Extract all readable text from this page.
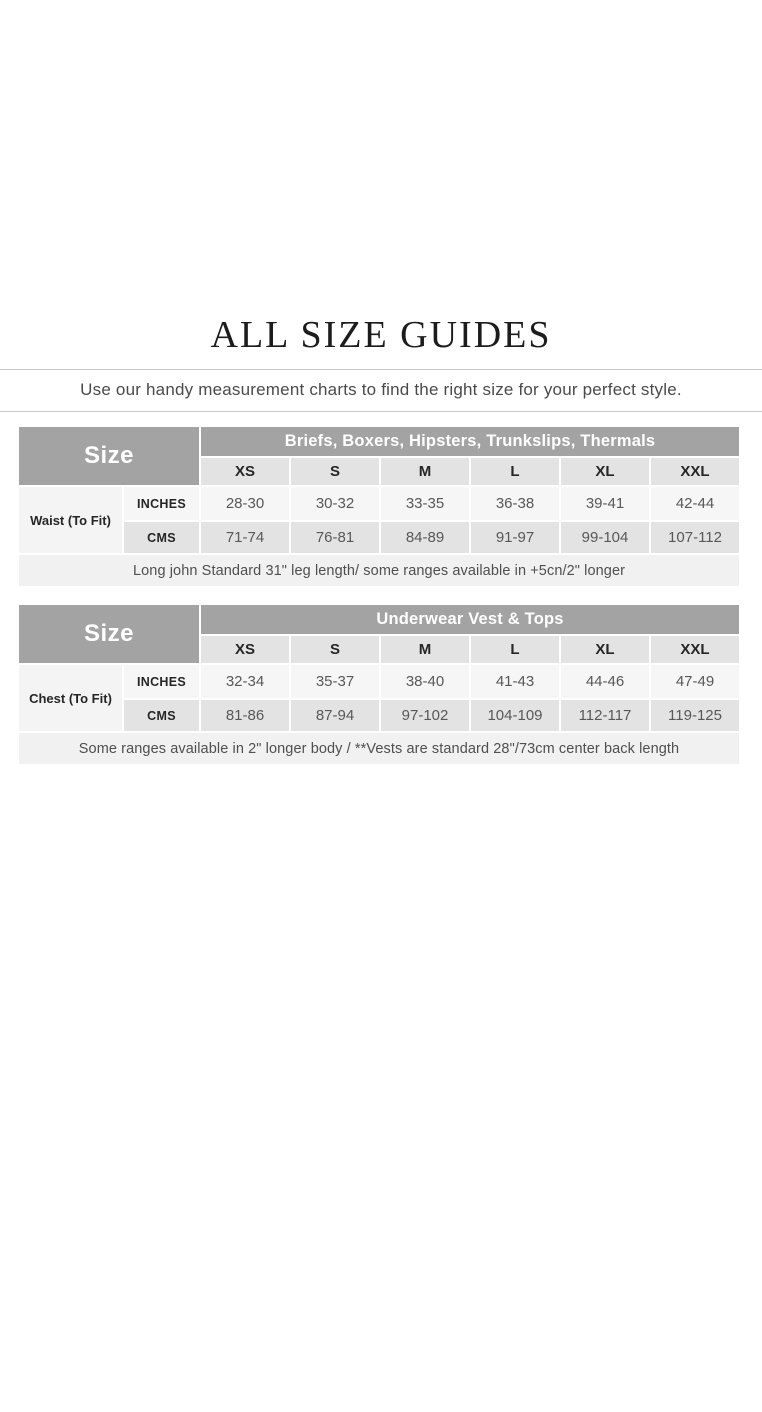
ALL SIZE GUIDES

Use our handy measurement charts to find the right size for your perfect style.

Size		Briefs, Boxers, Hipsters, Trunkslips, Thermals					
		XS	S	M	L	XL	XXL
Waist (To Fit)	INCHES	28-30	30-32	33-35	36-38	39-41	42-44
	CMS	71-74	76-81	84-89	91-97	99-104	107-112
Long john Standard 31" leg length/ some ranges available in +5cn/2" longer							
Size		Underwear Vest & Tops					
		XS	S	M	L	XL	XXL
Chest (To Fit)	INCHES	32-34	35-37	38-40	41-43	44-46	47-49
	CMS	81-86	87-94	97-102	104-109	112-117	119-125
Some ranges available in 2" longer body / **Vests are standard 28"/73cm center back length							
